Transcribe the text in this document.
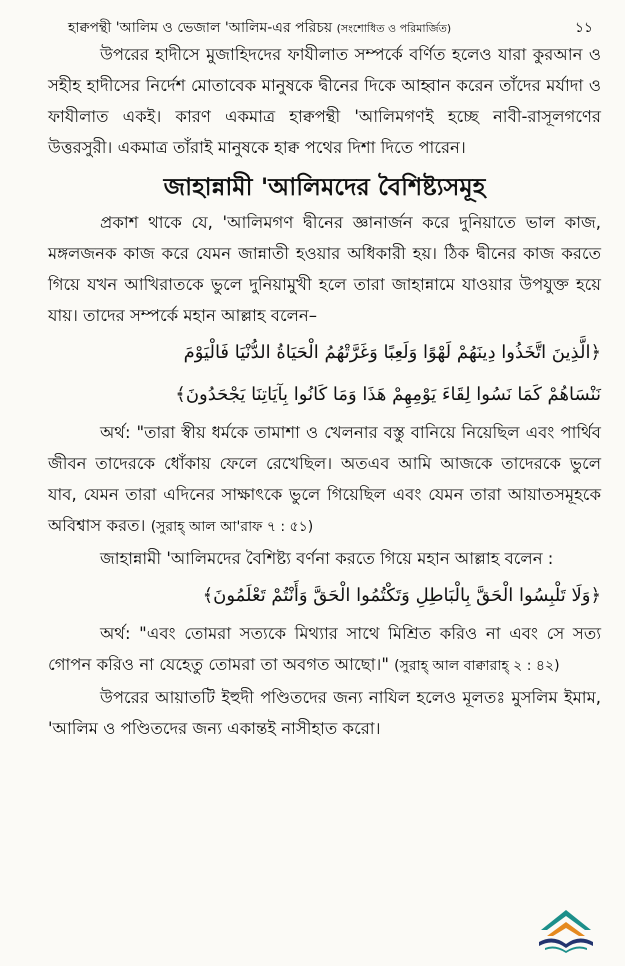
হাক্বপন্থী 'আলিম ও ভেজাল 'আলিম-এর পরিচয় (সংশোধিত ও পরিমার্জিত)	১১

উপরের হাদীসে মুজাহিদদের ফাযীলাত সম্পর্কে বর্ণিত হলেও যারা কুরআন ও সহীহ হাদীসের নির্দেশ মোতাবেক মানুষকে দ্বীনের দিকে আহ্বান করেন তাঁদের মর্যাদা ও ফাযীলাত একই। কারণ একমাত্র হাক্বপন্থী 'আলিমগণই হচ্ছে নাবী-রাসূলগণের উত্তরসুরী। একমাত্র তাঁরাই মানুষকে হাক্ব পথের দিশা দিতে পারেন।

জাহান্নামী 'আলিমদের বৈশিষ্ট্যসমূহ

প্রকাশ থাকে যে, 'আলিমগণ দ্বীনের জ্ঞানার্জন করে দুনিয়াতে ভাল কাজ, মঙ্গলজনক কাজ করে যেমন জান্নাতী হওয়ার অধিকারী হয়। ঠিক দ্বীনের কাজ করতে গিয়ে যখন আখিরাতকে ভুলে দুনিয়ামুখী হলে তারা জাহান্নামে যাওয়ার উপযুক্ত হয়ে যায়। তাদের সম্পর্কে মহান আল্লাহ বলেন–

﴿الَّذِينَ اتَّخَذُوا دِينَهُمْ لَهْوًا وَلَعِبًا وَغَرَّتْهُمُ الْحَيَاةُ الدُّنْيَا فَالْيَوْمَ
نَنْسَاهُمْ كَمَا نَسُوا لِقَاءَ يَوْمِهِمْ هَذَا وَمَا كَانُوا بِآيَاتِنَا يَجْحَدُونَ﴾

অর্থ: "তারা স্বীয় ধর্মকে তামাশা ও খেলনার বস্তু বানিয়ে নিয়েছিল এবং পার্থিব জীবন তাদেরকে ধোঁকায় ফেলে রেখেছিল। অতএব আমি আজকে তাদেরকে ভুলে যাব, যেমন তারা এদিনের সাক্ষাৎকে ভুলে গিয়েছিল এবং যেমন তারা আয়াতসমূহকে অবিশ্বাস করত। (সুরাহ্ আল আ'রাফ ৭ : ৫১)

জাহান্নামী 'আলিমদের বৈশিষ্ট্য বর্ণনা করতে গিয়ে মহান আল্লাহ বলেন :

﴿وَلَا تَلْبِسُوا الْحَقَّ بِالْبَاطِلِ وَتَكْتُمُوا الْحَقَّ وَأَنْتُمْ تَعْلَمُونَ﴾

অর্থ: "এবং তোমরা সত্যকে মিথ্যার সাথে মিশ্রিত করিও না এবং সে সত্য গোপন করিও না যেহেতু তোমরা তা অবগত আছো।" (সুরাহ্ আল বাক্বারাহ্ ২ : ৪২)

উপরের আয়াতটি ইহুদী পণ্ডিতদের জন্য নাযিল হলেও মূলতঃ মুসলিম ইমাম, 'আলিম ও পণ্ডিতদের জন্য একান্তই নাসীহাত করো।
